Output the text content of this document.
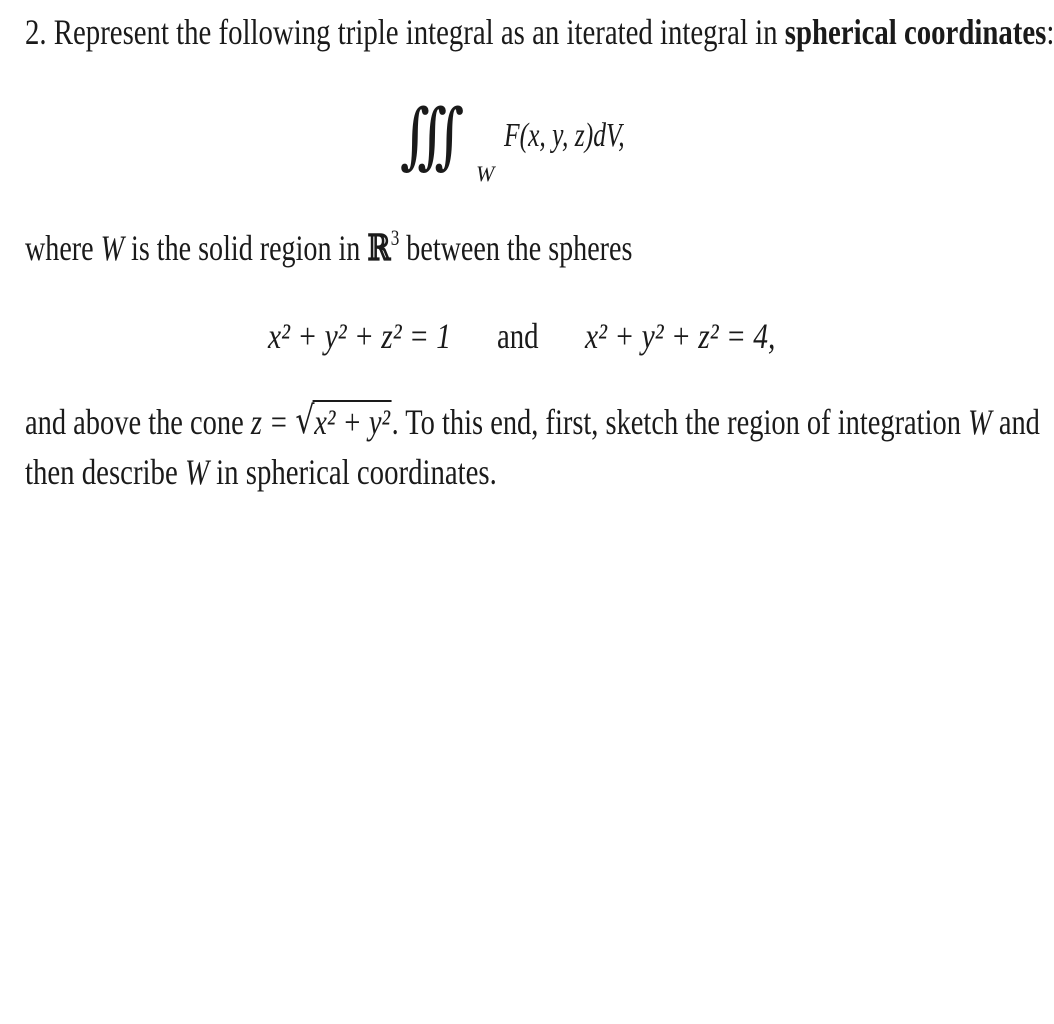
2. Represent the following triple integral as an iterated integral in spherical coordinates:
∫∫∫ W
F(x, y, z)dV,
where W is the solid region in ℝ$^3$ between the spheres
x² + y² + z² = 1 and x² + y² + z² = 4,
and above the cone z = √ x² + y². To this end, first, sketch the region of integration W and
then describe W in spherical coordinates.
